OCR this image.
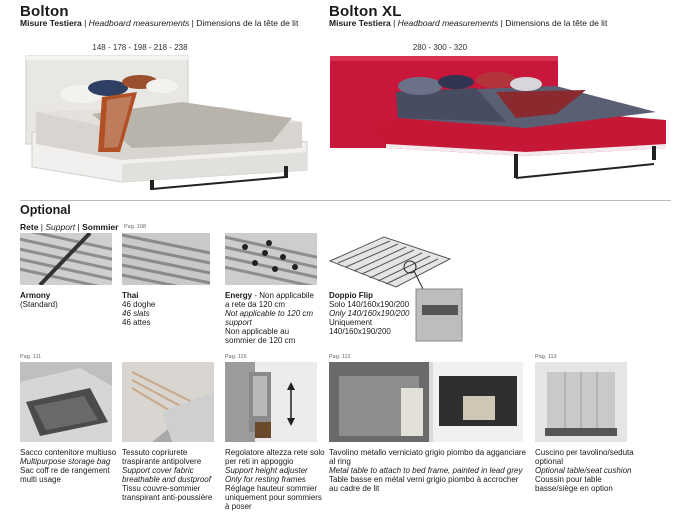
Bolton
Misure Testiera | Headboard measurements | Dimensions de la tête de lit
148 - 178 - 198 - 218 - 238
Bolton XL
Misure Testiera | Headboard measurements | Dimensions de la tête de lit
280 - 300 - 320
Optional
Rete | Support | Sommier Pag. 108
Armony
(Standard)
Thai
46 doghe
46 slats
46 attes
Energy - Non applicabile
a rete da 120 cm
Not applicable to 120 cm
support
Non applicable au
sommier de 120 cm
Doppio Flip
Solo 140/160x190/200
Only 140/160x190/200
Uniquement
140/160x190/200
Pag. 111	Pag. 115	Pag. 112	Pag. 113
Sacco contenitore multiuso
Multipurpose storage bag
Sac coff re de rangement
multi usage
Tessuto copriurete
traspirante antipolvere
Support cover fabric
breathable and dustproof
Tissu couvre-sommier
transpirant anti-poussière
Regolatore altezza rete solo
per reti in appoggio
Support height adjuster
Only for resting frames
Réglage hauteur sommier
uniquement pour sommiers
à poser
Tavolino metallo verniciato grigio piombo da agganciare
al ring
Metal table to attach to bed frame, painted in lead grey
Table basse en métal verni grigio piombo à accrocher
au cadre de lit
Cuscino per tavolino/seduta
optional
Optional table/seat cushion
Coussin pour table
basse/siège en option
